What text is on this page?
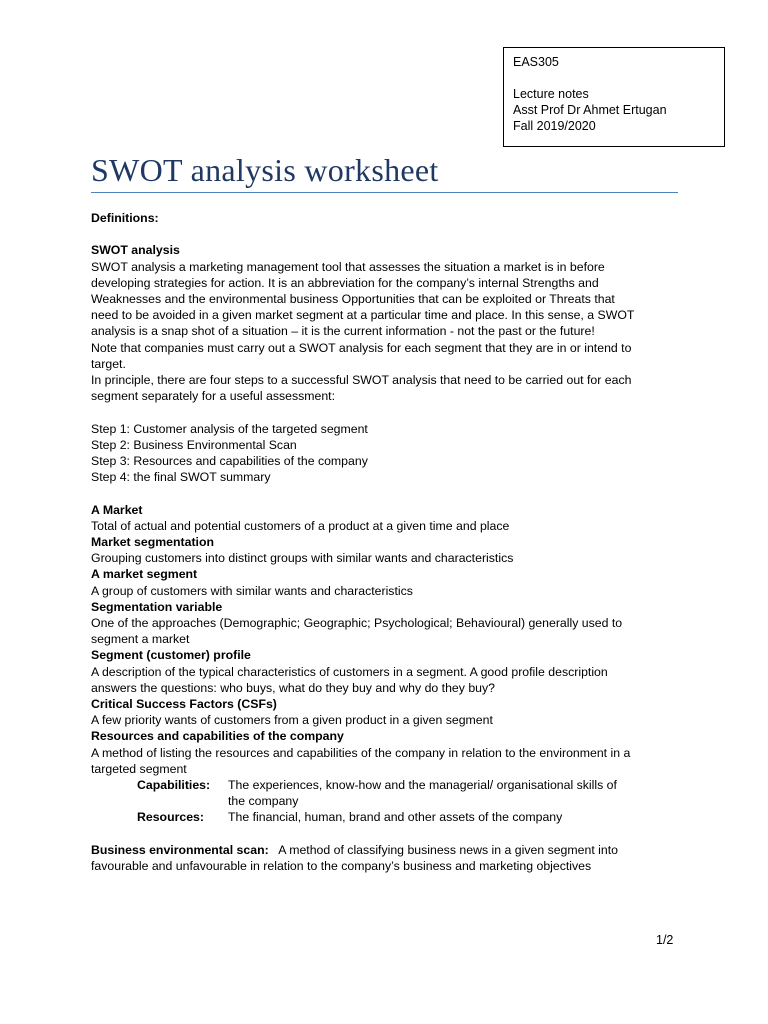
EAS305
Lecture notes
Asst Prof Dr Ahmet Ertugan
Fall 2019/2020
SWOT analysis worksheet

Definitions:

SWOT analysis

SWOT analysis a marketing management tool that assesses the situation a market is in before

developing strategies for action. It is an abbreviation for the company’s internal Strengths and

Weaknesses and the environmental business Opportunities that can be exploited or Threats that

need to be avoided in a given market segment at a particular time and place. In this sense, a SWOT

analysis is a snap shot of a situation – it is the current information - not the past or the future!

Note that companies must carry out a SWOT analysis for each segment that they are in or intend to

target.

In principle, there are four steps to a successful SWOT analysis that need to be carried out for each

segment separately for a useful assessment:

Step 1: Customer analysis of the targeted segment

Step 2: Business Environmental Scan

Step 3: Resources and capabilities of the company

Step 4: the final SWOT summary

A Market

Total of actual and potential customers of a product at a given time and place

Market segmentation

Grouping customers into distinct groups with similar wants and characteristics

A market segment

A group of customers with similar wants and characteristics

Segmentation variable

One of the approaches (Demographic; Geographic; Psychological; Behavioural) generally used to

segment a market

Segment (customer) profile

A description of the typical characteristics of customers in a segment. A good profile description

answers the questions: who buys, what do they buy and why do they buy?

Critical Success Factors (CSFs)

A few priority wants of customers from a given product in a given segment

Resources and capabilities of the company

A method of listing the resources and capabilities of the company in relation to the environment in a

targeted segment

Capabilities:	The experiences, know-how and the managerial/ organisational skills of
the company
Resources:	The financial, human, brand and other assets of the company

Business environmental scan:   A method of classifying business news in a given segment into

favourable and unfavourable in relation to the company’s business and marketing objectives

1/2
